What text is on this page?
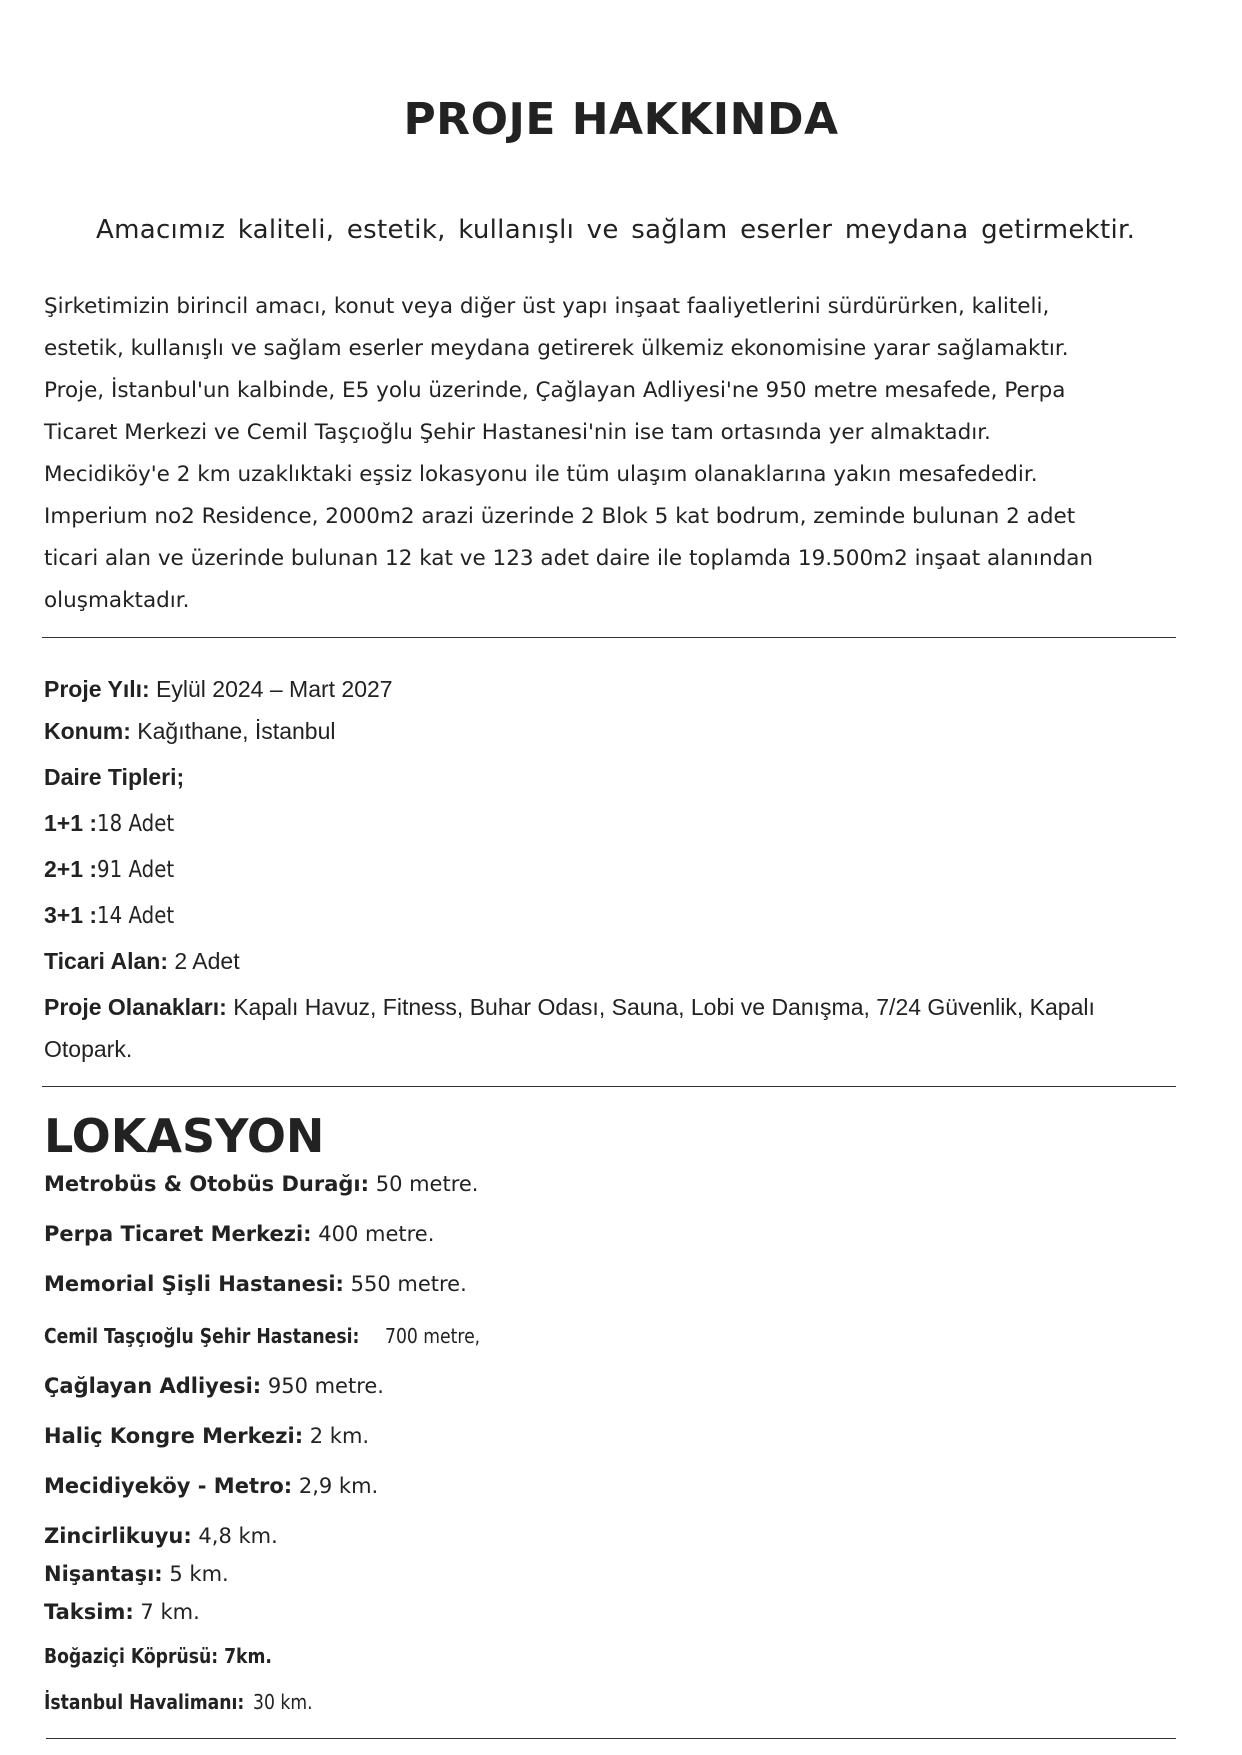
PROJE HAKKINDA
Amacımız kaliteli, estetik, kullanışlı ve sağlam eserler meydana getirmektir.
Şirketimizin birincil amacı, konut veya diğer üst yapı inşaat faaliyetlerini sürdürürken, kaliteli,
estetik, kullanışlı ve sağlam eserler meydana getirerek ülkemiz ekonomisine yarar sağlamaktır.
Proje, İstanbul'un kalbinde, E5 yolu üzerinde, Çağlayan Adliyesi'ne 950 metre mesafede, Perpa
Ticaret Merkezi ve Cemil Taşçıoğlu Şehir Hastanesi'nin ise tam ortasında yer almaktadır.
Mecidiköy'e 2 km uzaklıktaki eşsiz lokasyonu ile tüm ulaşım olanaklarına yakın mesafededir.
Imperium no2 Residence, 2000m2 arazi üzerinde 2 Blok 5 kat bodrum, zeminde bulunan 2 adet
ticari alan ve üzerinde bulunan 12 kat ve 123 adet daire ile toplamda 19.500m2 inşaat alanından
oluşmaktadır.
Proje Yılı: Eylül 2024 – Mart 2027
Konum: Kağıthane, İstanbul
Daire Tipleri;
1+1 :18 Adet
2+1 :91 Adet
3+1 :14 Adet
Ticari Alan: 2 Adet
Proje Olanakları: Kapalı Havuz, Fitness, Buhar Odası, Sauna, Lobi ve Danışma, 7/24 Güvenlik, Kapalı
Otopark.
LOKASYON
Metrobüs & Otobüs Durağı: 50 metre.
Perpa Ticaret Merkezi: 400 metre.
Memorial Şişli Hastanesi: 550 metre.
Cemil Taşçıoğlu Şehir Hastanesi:700 metre,
Çağlayan Adliyesi: 950 metre.
Haliç Kongre Merkezi: 2 km.
Mecidiyeköy - Metro: 2,9 km.
Zincirlikuyu: 4,8 km.
Nişantaşı: 5 km.
Taksim: 7 km.
Boğaziçi Köprüsü: 7km.
İstanbul Havalimanı:30 km.
